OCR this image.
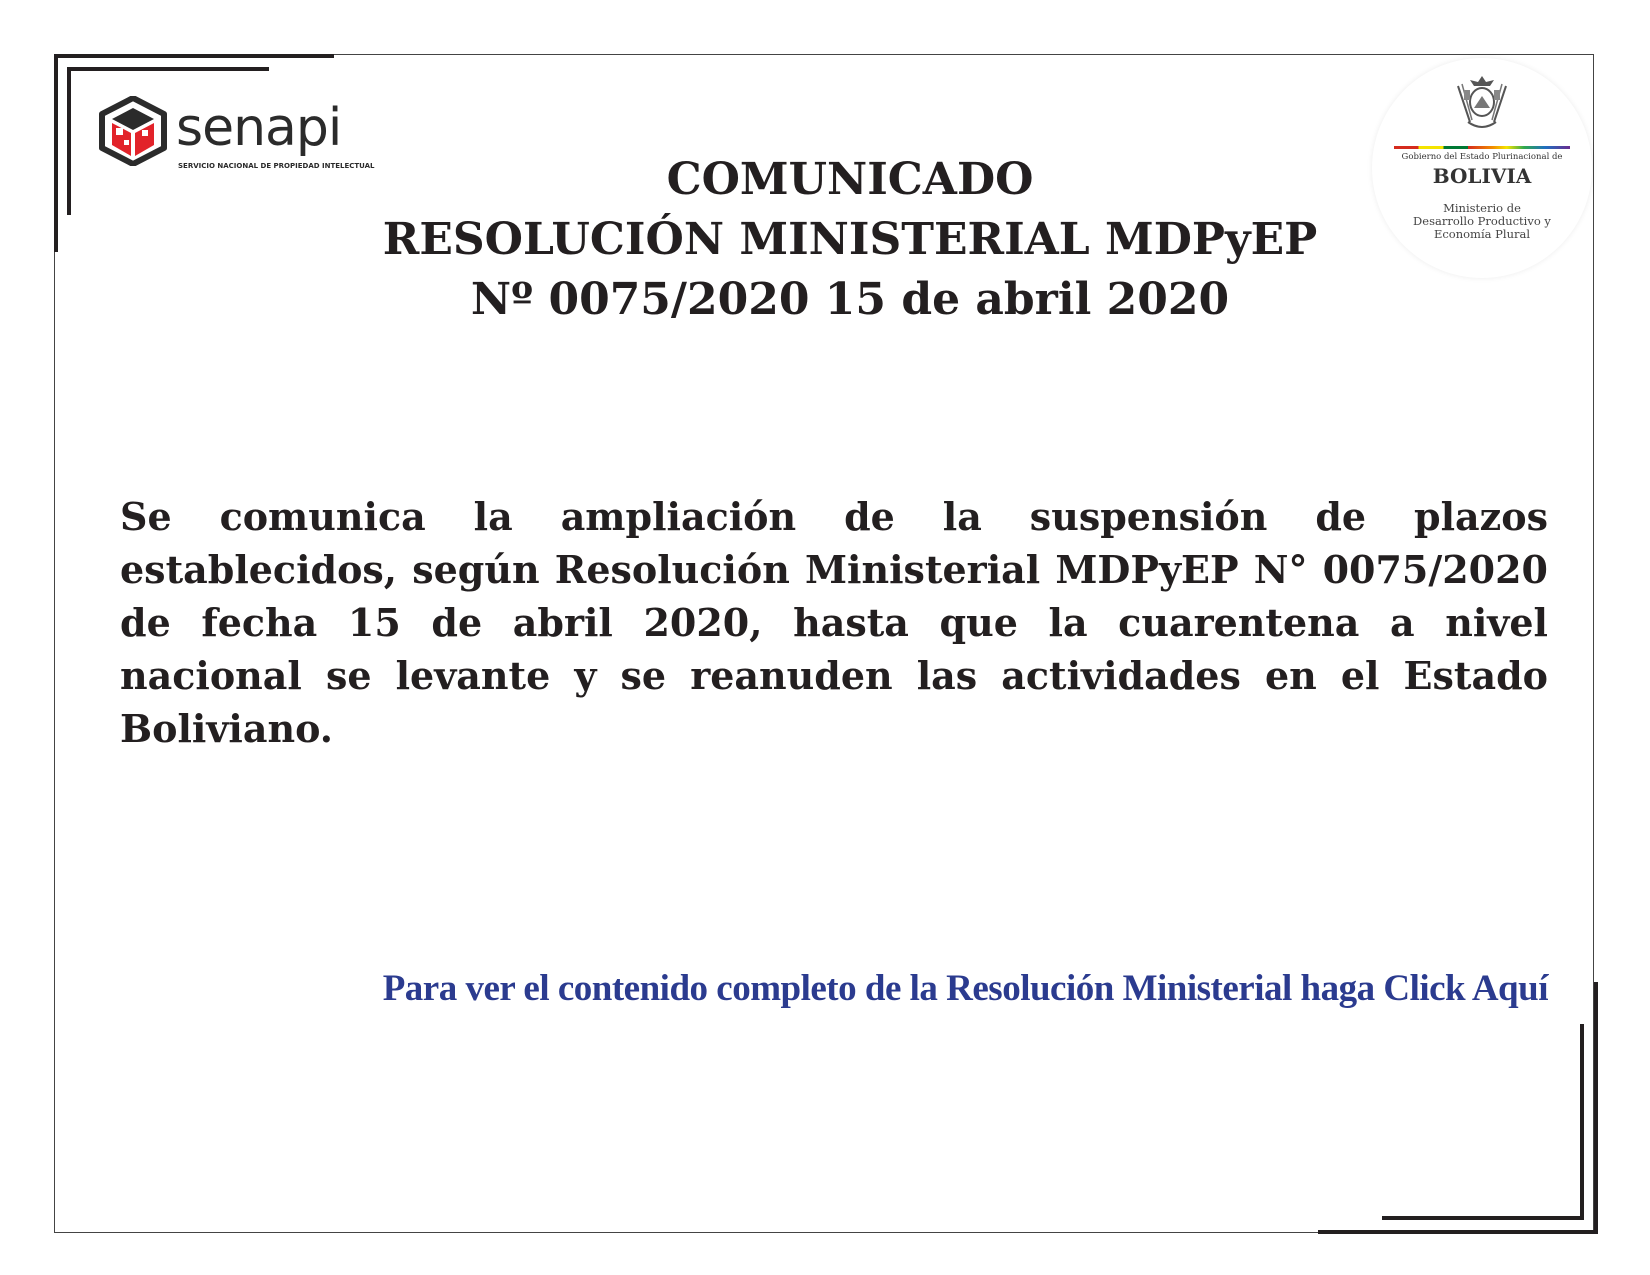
senapi
SERVICIO NACIONAL DE PROPIEDAD INTELECTUAL
Gobierno del Estado Plurinacional de
BOLIVIA
Ministerio de
Desarrollo Productivo y
Economía Plural
COMUNICADO
RESOLUCIÓN MINISTERIAL MDPyEP
Nº 0075/2020 15 de abril 2020
Se comunica la ampliación de la suspensión de plazos establecidos, según Resolución Ministerial MDPyEP N° 0075/2020 de fecha 15 de abril 2020, hasta que la cuarentena a nivel nacional se levante y se reanuden las actividades en el Estado Boliviano.
Para ver el contenido completo de la Resolución Ministerial haga Click Aquí
